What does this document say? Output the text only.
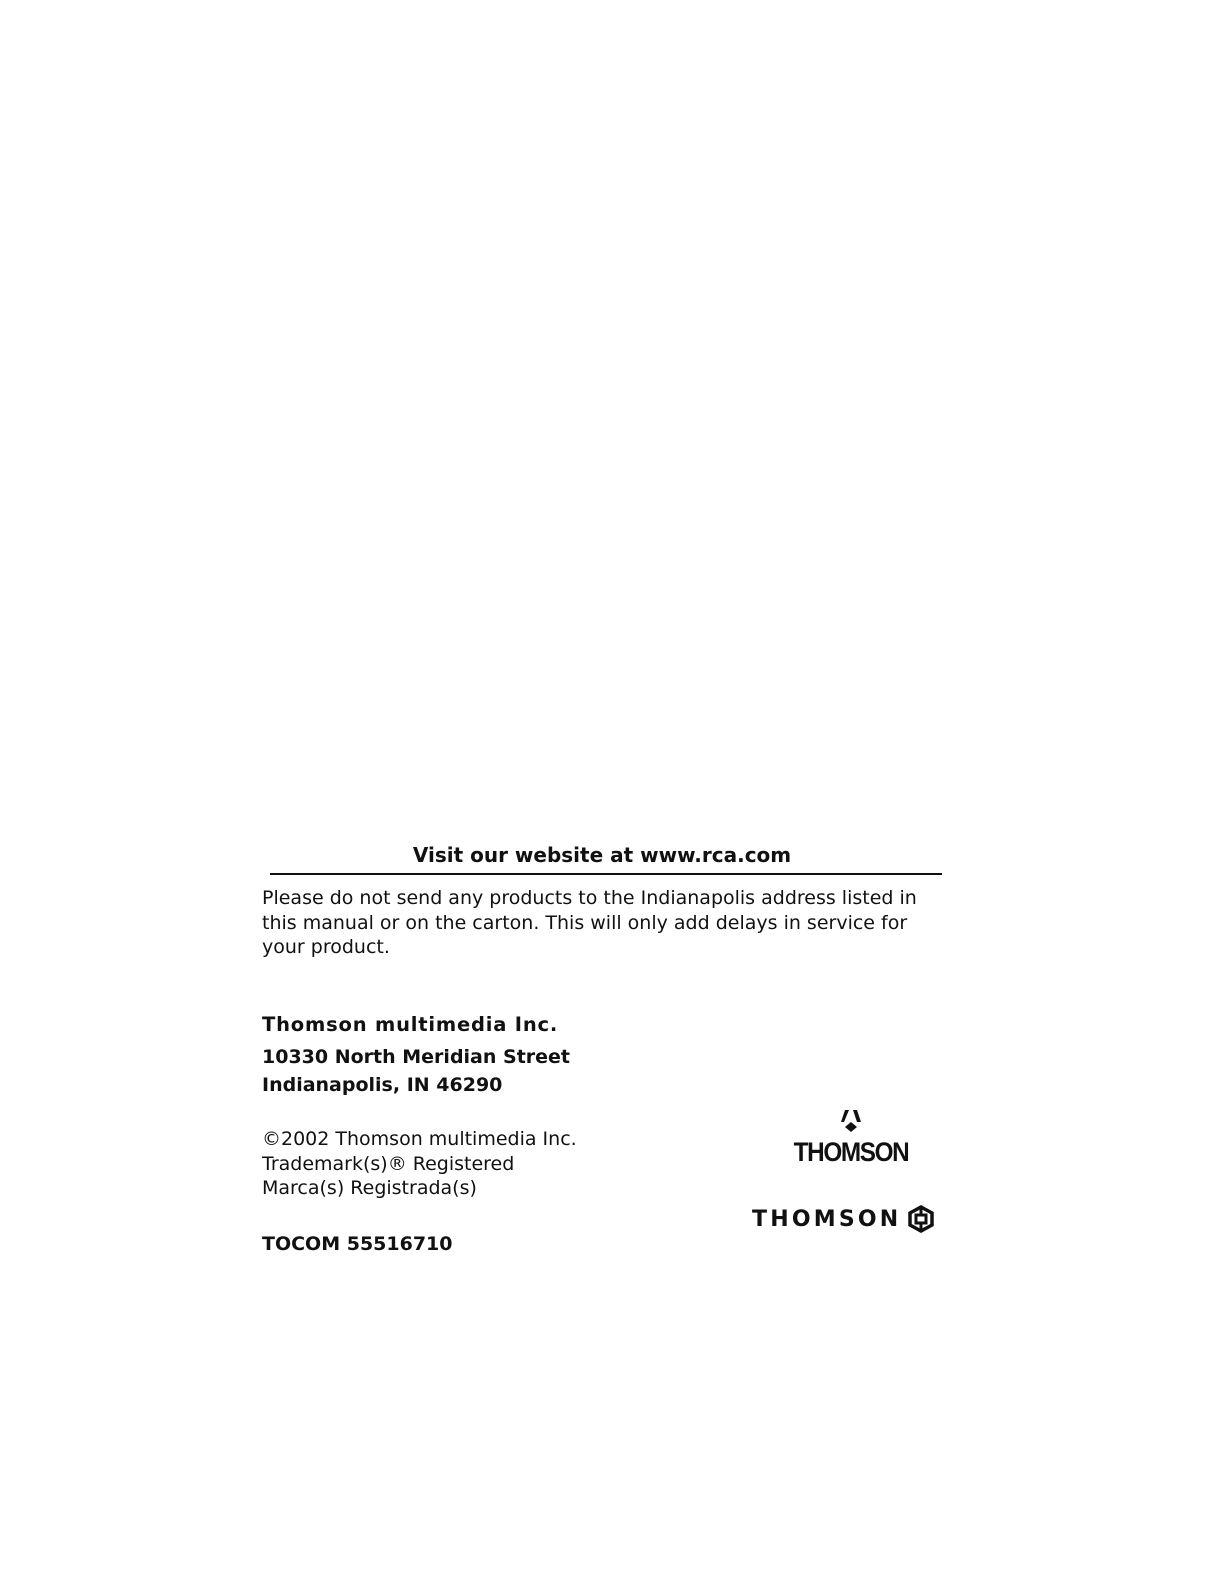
Visit our website at www.rca.com
Please do not send any products to the Indianapolis address listed in this manual or on the carton. This will only add delays in service for your product.
Thomson multimedia Inc.
10330 North Meridian Street
Indianapolis, IN 46290
©2002 Thomson multimedia Inc.
Trademark(s)® Registered
Marca(s) Registrada(s)
TOCOM 55516710
THOMSON
THOMSON
